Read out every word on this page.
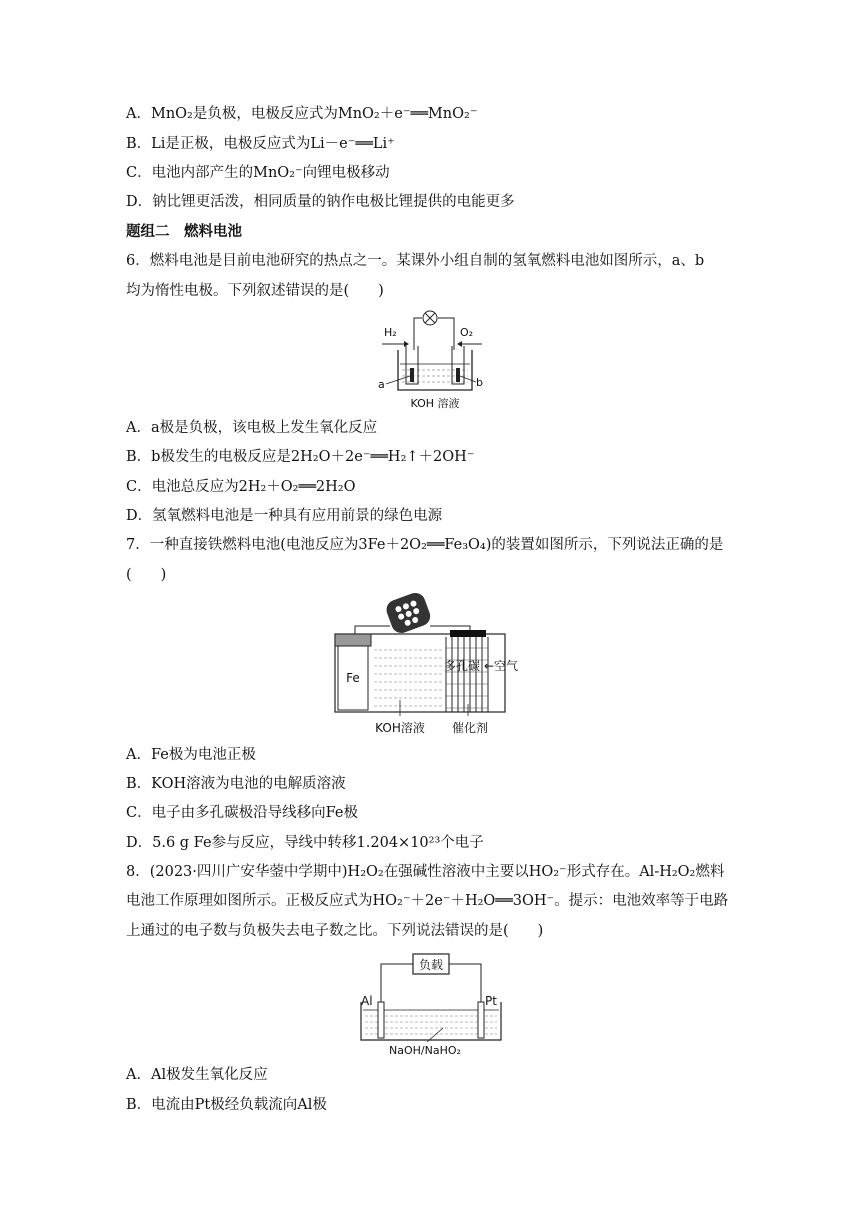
A．MnO₂是负极，电极反应式为MnO₂＋e⁻══MnO₂⁻
B．Li是正极，电极反应式为Li－e⁻══Li⁺
C．电池内部产生的MnO₂⁻向锂电极移动
D．钠比锂更活泼，相同质量的钠作电极比锂提供的电能更多
题组二　燃料电池
6．燃料电池是目前电池研究的热点之一。某课外小组自制的氢氧燃料电池如图所示，a、b
均为惰性电极。下列叙述错误的是(　　)
H₂	O₂
a	b
KOH 溶液
A．a极是负极，该电极上发生氧化反应
B．b极发生的电极反应是2H₂O＋2e⁻══H₂↑＋2OH⁻
C．电池总反应为2H₂＋O₂══2H₂O
D．氢氧燃料电池是一种具有应用前景的绿色电源
7．一种直接铁燃料电池(电池反应为3Fe＋2O₂══Fe₃O₄)的装置如图所示，下列说法正确的是
(　　)
Fe
多孔碳 ←空气
KOH溶液 催化剂
A．Fe极为电池正极
B．KOH溶液为电池的电解质溶液
C．电子由多孔碳极沿导线移向Fe极
D．5.6 g Fe参与反应，导线中转移1.204×10²³个电子
8．(2023·四川广安华蓥中学期中)H₂O₂在强碱性溶液中主要以HO₂⁻形式存在。Al-H₂O₂燃料
电池工作原理如图所示。正极反应式为HO₂⁻＋2e⁻＋H₂O══3OH⁻。提示：电池效率等于电路
上通过的电子数与负极失去电子数之比。下列说法错误的是(　　)
负载
Al	Pt
NaOH/NaHO₂
A．Al极发生氧化反应
B．电流由Pt极经负载流向Al极
